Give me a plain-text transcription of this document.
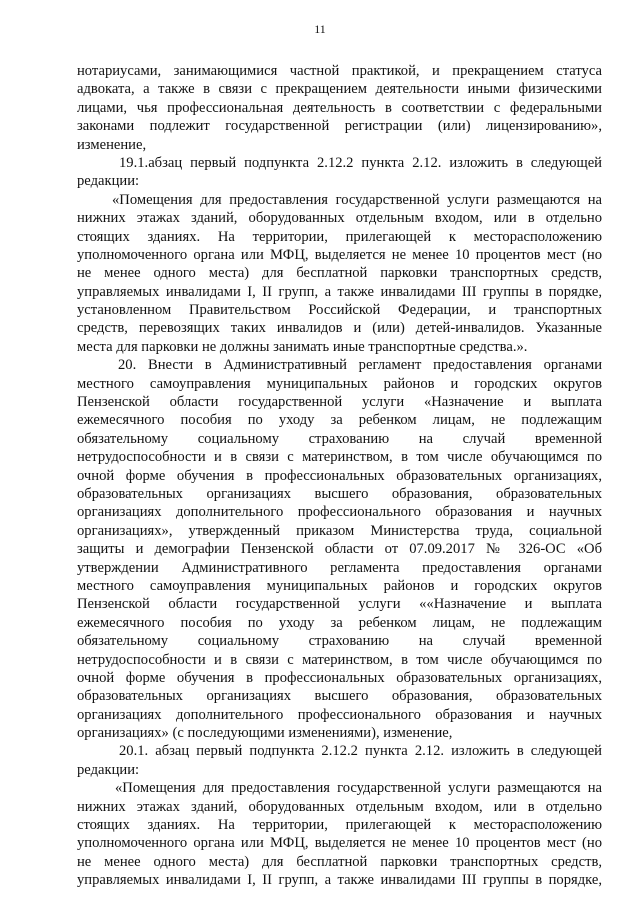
11
нотариусами, занимающимися частной практикой, и прекращением статуса
адвоката, а также в связи с прекращением деятельности иными физическими
лицами, чья профессиональная деятельность в соответствии с федеральными
законами подлежит государственной регистрации (или) лицензированию»,
изменение,
19.1.абзац первый подпункта 2.12.2 пункта 2.12. изложить в следующей
редакции:
«Помещения для предоставления государственной услуги размещаются на
нижних этажах зданий, оборудованных отдельным входом, или в отдельно
стоящих зданиях. На территории, прилегающей к месторасположению
уполномоченного органа или МФЦ, выделяется не менее 10 процентов мест (но
не менее одного места) для бесплатной парковки транспортных средств,
управляемых инвалидами I, II групп, а также инвалидами III группы в порядке,
установленном Правительством Российской Федерации, и транспортных
средств, перевозящих таких инвалидов и (или) детей-инвалидов. Указанные
места для парковки не должны занимать иные транспортные средства.».
20. Внести в Административный регламент предоставления органами
местного самоуправления муниципальных районов и городских округов
Пензенской области государственной услуги «Назначение и выплата
ежемесячного пособия по уходу за ребенком лицам, не подлежащим
обязательному социальному страхованию на случай временной
нетрудоспособности и в связи с материнством, в том числе обучающимся по
очной форме обучения в профессиональных образовательных организациях,
образовательных организациях высшего образования, образовательных
организациях дополнительного профессионального образования и научных
организациях», утвержденный приказом Министерства труда, социальной
защиты и демографии Пензенской области от 07.09.2017 № 326-ОС «Об
утверждении Административного регламента предоставления органами
местного самоуправления муниципальных районов и городских округов
Пензенской области государственной услуги ««Назначение и выплата
ежемесячного пособия по уходу за ребенком лицам, не подлежащим
обязательному социальному страхованию на случай временной
нетрудоспособности и в связи с материнством, в том числе обучающимся по
очной форме обучения в профессиональных образовательных организациях,
образовательных организациях высшего образования, образовательных
организациях дополнительного профессионального образования и научных
организациях» (с последующими изменениями), изменение,
20.1. абзац первый подпункта 2.12.2 пункта 2.12. изложить в следующей
редакции:
«Помещения для предоставления государственной услуги размещаются на
нижних этажах зданий, оборудованных отдельным входом, или в отдельно
стоящих зданиях. На территории, прилегающей к месторасположению
уполномоченного органа или МФЦ, выделяется не менее 10 процентов мест (но
не менее одного места) для бесплатной парковки транспортных средств,
управляемых инвалидами I, II групп, а также инвалидами III группы в порядке,
